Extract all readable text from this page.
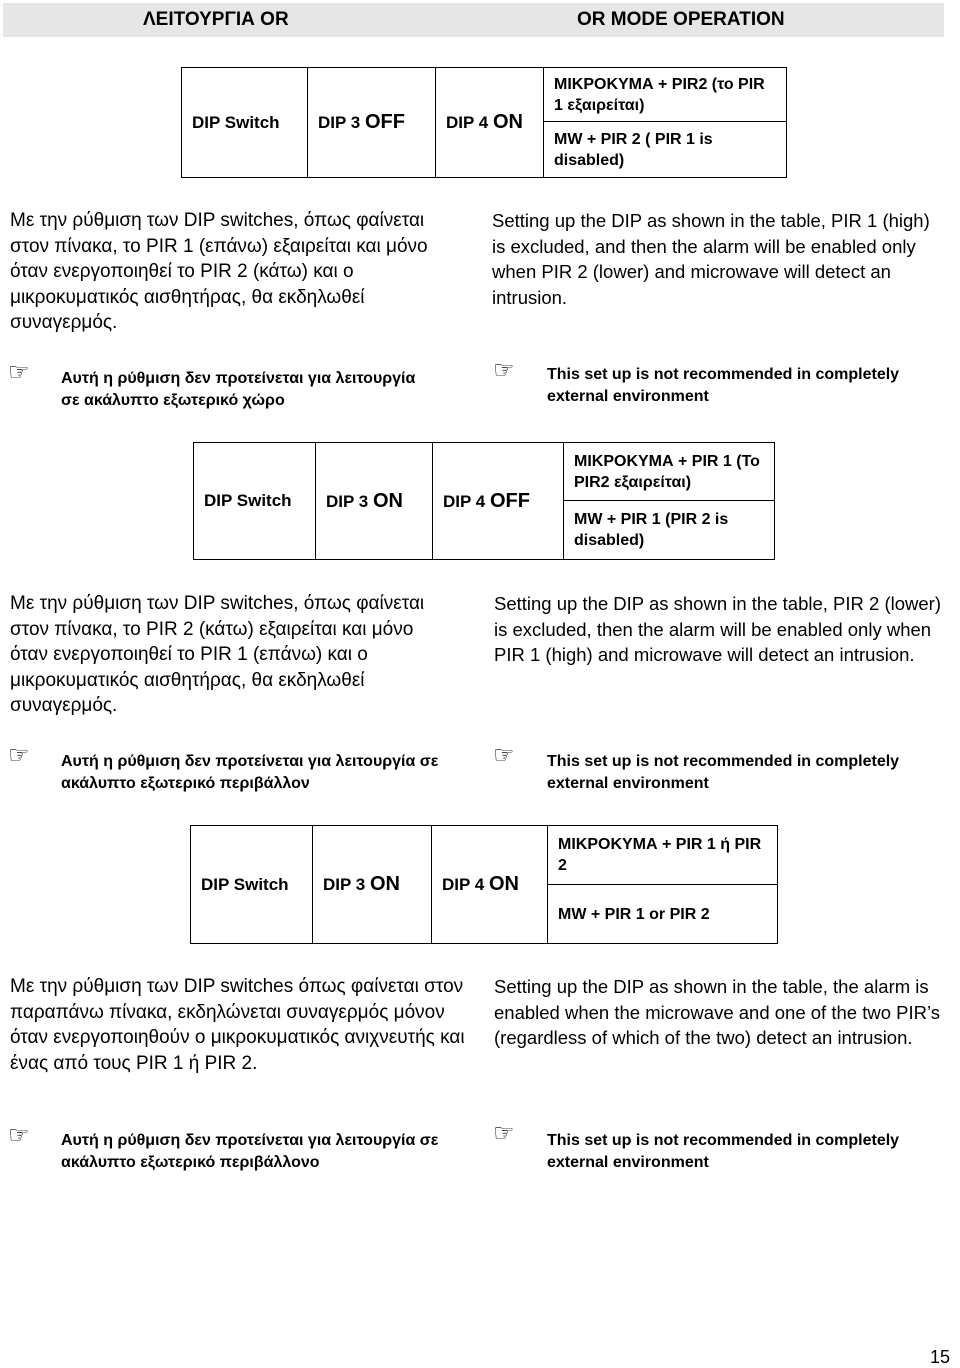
ΛΕΙΤΟΥΡΓΙΑ OR	OR MODE OPERATION
DIP Switch	DIP 3 OFF	DIP 4 ON	ΜΙΚΡΟΚΥΜΑ + PIR2 (το PIR 1 εξαιρείται)
MW + PIR 2 ( PIR 1 is disabled)
Με την ρύθμιση των DIP switches, όπως φαίνεται στον πίνακα, το PIR 1 (επάνω) εξαιρείται και μόνο όταν ενεργοποιηθεί το PIR 2 (κάτω) και ο μικροκυματικός αισθητήρας, θα εκδηλωθεί συναγερμός.
Setting up the DIP as shown in the table, PIR 1 (high) is excluded, and then the alarm will be enabled only when PIR 2 (lower) and microwave will detect an intrusion.
☞ Αυτή η ρύθμιση δεν προτείνεται για λειτουργία σε ακάλυπτο εξωτερικό χώρο
☞ This set up is not recommended in completely external environment
DIP Switch	DIP 3 ON	DIP 4 OFF	ΜΙΚΡΟΚΥΜΑ + PIR 1 (Το PIR2 εξαιρείται)
MW + PIR 1 (PIR 2 is disabled)
Με την ρύθμιση των DIP switches, όπως φαίνεται στον πίνακα, το PIR 2 (κάτω) εξαιρείται και μόνο όταν ενεργοποιηθεί το PIR 1 (επάνω) και ο μικροκυματικός αισθητήρας, θα εκδηλωθεί συναγερμός.
Setting up the DIP as shown in the table, PIR 2 (lower) is excluded, then the alarm will be enabled only when PIR 1 (high) and microwave will detect an intrusion.
☞ Αυτή η ρύθμιση δεν προτείνεται για λειτουργία σε ακάλυπτο εξωτερικό περιβάλλον
☞ This set up is not recommended in completely external environment
DIP Switch	DIP 3 ON	DIP 4 ON	ΜΙΚΡΟΚΥΜΑ + PIR 1 ή PIR 2
MW + PIR 1 or PIR 2
Με την ρύθμιση των DIP switches όπως φαίνεται στον παραπάνω πίνακα, εκδηλώνεται συναγερμός μόνον όταν ενεργοποιηθούν ο μικροκυματικός ανιχνευτής και ένας από τους PIR 1 ή PIR 2.
Setting up the DIP as shown in the table, the alarm is enabled when the microwave and one of the two PIR’s (regardless of which of the two) detect an intrusion.
☞ Αυτή η ρύθμιση δεν προτείνεται για λειτουργία σε ακάλυπτο εξωτερικό περιβάλλονο
☞ This set up is not recommended in completely external environment
15
